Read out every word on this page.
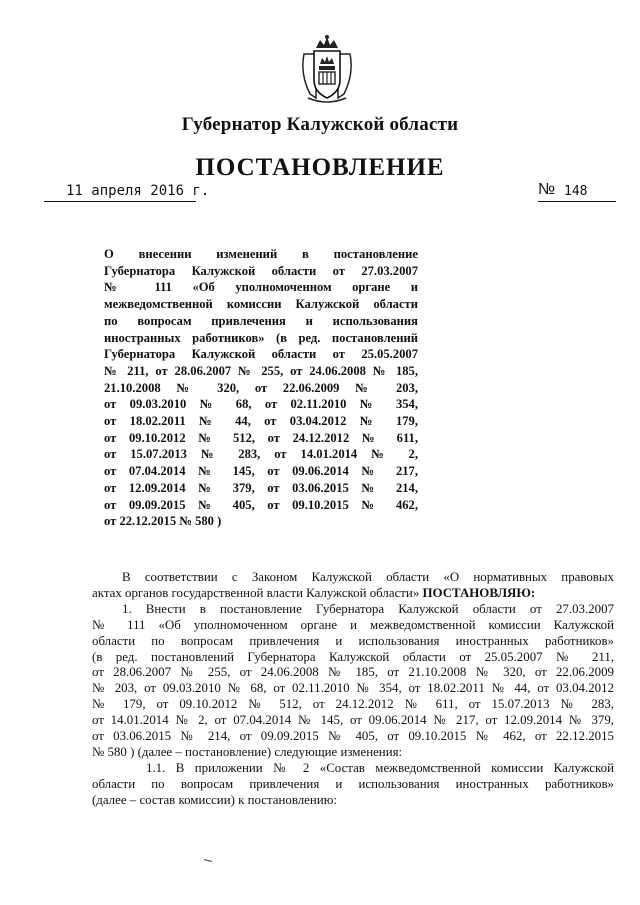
Губернатор Калужской области
ПОСТАНОВЛЕНИЕ
11 апреля 2016 г.	№ 148
О внесении изменений в постановление
Губернатора Калужской области от 27.03.2007
№ 111 «Об уполномоченном органе и
межведомственной комиссии Калужской области
по вопросам привлечения и использования
иностранных работников» (в ред. постановлений
Губернатора Калужской области от 25.05.2007
№ 211, от 28.06.2007 № 255, от 24.06.2008 № 185,
21.10.2008 № 320, от 22.06.2009 № 203,
от 09.03.2010 № 68, от 02.11.2010 № 354,
от 18.02.2011 № 44, от 03.04.2012 № 179,
от 09.10.2012 № 512, от 24.12.2012 № 611,
от 15.07.2013 № 283, от 14.01.2014 № 2,
от 07.04.2014 № 145, от 09.06.2014 № 217,
от 12.09.2014 № 379, от 03.06.2015 № 214,
от 09.09.2015 № 405, от 09.10.2015 № 462,
от 22.12.2015 № 580 )
В соответствии с Законом Калужской области «О нормативных правовых
актах органов государственной власти Калужской области» ПОСТАНОВЛЯЮ:
1. Внести в постановление Губернатора Калужской области от 27.03.2007
№ 111 «Об уполномоченном органе и межведомственной комиссии Калужской
области по вопросам привлечения и использования иностранных работников»
(в ред. постановлений Губернатора Калужской области от 25.05.2007 № 211,
от 28.06.2007 № 255, от 24.06.2008 № 185, от 21.10.2008 № 320, от 22.06.2009
№ 203, от 09.03.2010 № 68, от 02.11.2010 № 354, от 18.02.2011 № 44, от 03.04.2012
№ 179, от 09.10.2012 № 512, от 24.12.2012 № 611, от 15.07.2013 № 283,
от 14.01.2014 № 2, от 07.04.2014 № 145, от 09.06.2014 № 217, от 12.09.2014 № 379,
от 03.06.2015 № 214, от 09.09.2015 № 405, от 09.10.2015 № 462, от 22.12.2015
№ 580 ) (далее – постановление) следующие изменения:
1.1. В приложении № 2 «Состав межведомственной комиссии Калужской
области по вопросам привлечения и использования иностранных работников»
(далее – состав комиссии) к постановлению:
